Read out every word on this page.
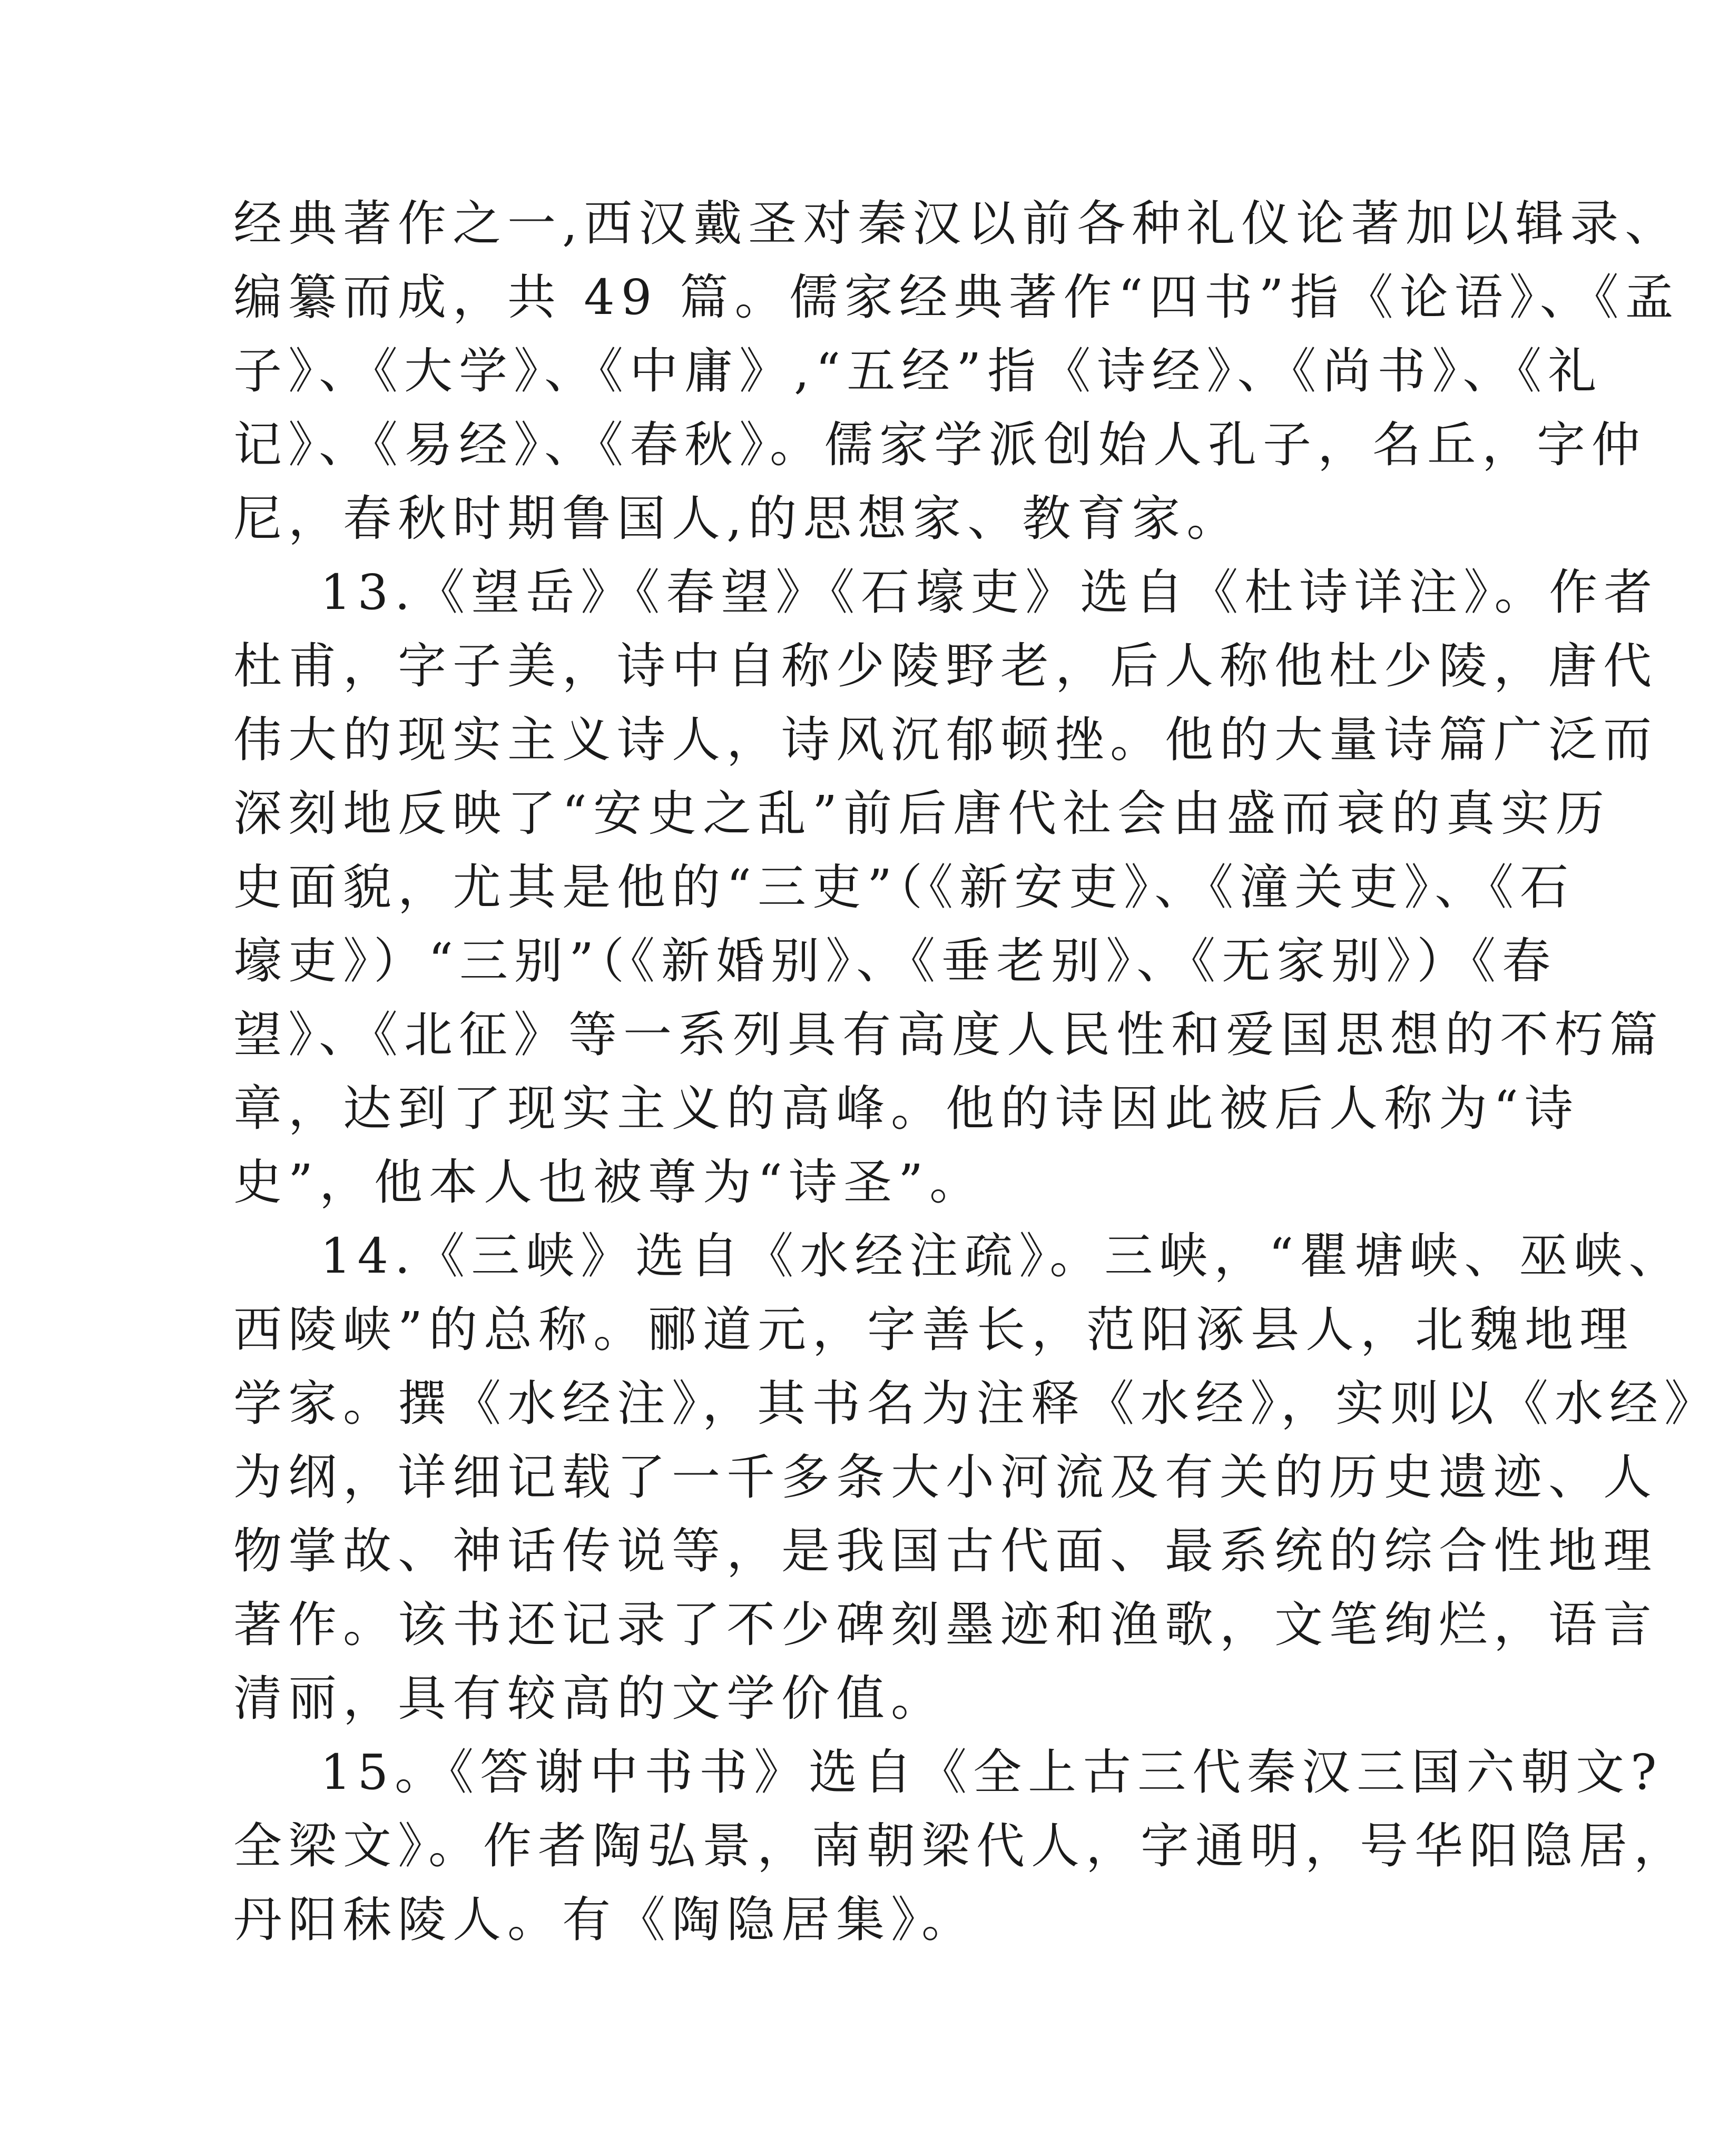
经典著作之一,西汉戴圣对秦汉以前各种礼仪论著加以辑录、
编纂而成，共 49 篇。儒家经典著作“四书”指《论语》、《孟
子》、《大学》、《中庸》,“五经”指《诗经》、《尚书》、《礼
记》、《易经》、《春秋》。儒家学派创始人孔子，名丘，字仲
尼，春秋时期鲁国人,的思想家、教育家。
13.《望岳》《春望》《石壕吏》选自《杜诗详注》。作者
杜甫，字子美，诗中自称少陵野老，后人称他杜少陵，唐代
伟大的现实主义诗人，诗风沉郁顿挫。他的大量诗篇广泛而
深刻地反映了“安史之乱”前后唐代社会由盛而衰的真实历
史面貌，尤其是他的“三吏”（《新安吏》、《潼关吏》、《石
壕吏》）“三别”（《新婚别》、《垂老别》、《无家别》）《春
望》、《北征》等一系列具有高度人民性和爱国思想的不朽篇
章，达到了现实主义的高峰。他的诗因此被后人称为“诗
史”，他本人也被尊为“诗圣”。
14.《三峡》选自《水经注疏》。三峡，“瞿塘峡、巫峡、
西陵峡”的总称。郦道元，字善长，范阳涿县人，北魏地理
学家。撰《水经注》，其书名为注释《水经》，实则以《水经》
为纲，详细记载了一千多条大小河流及有关的历史遗迹、人
物掌故、神话传说等，是我国古代面、最系统的综合性地理
著作。该书还记录了不少碑刻墨迹和渔歌，文笔绚烂，语言
清丽，具有较高的文学价值。
15。《答谢中书书》选自《全上古三代秦汉三国六朝文?
全梁文》。作者陶弘景，南朝梁代人，字通明，号华阳隐居，
丹阳秣陵人。有《陶隐居集》。
